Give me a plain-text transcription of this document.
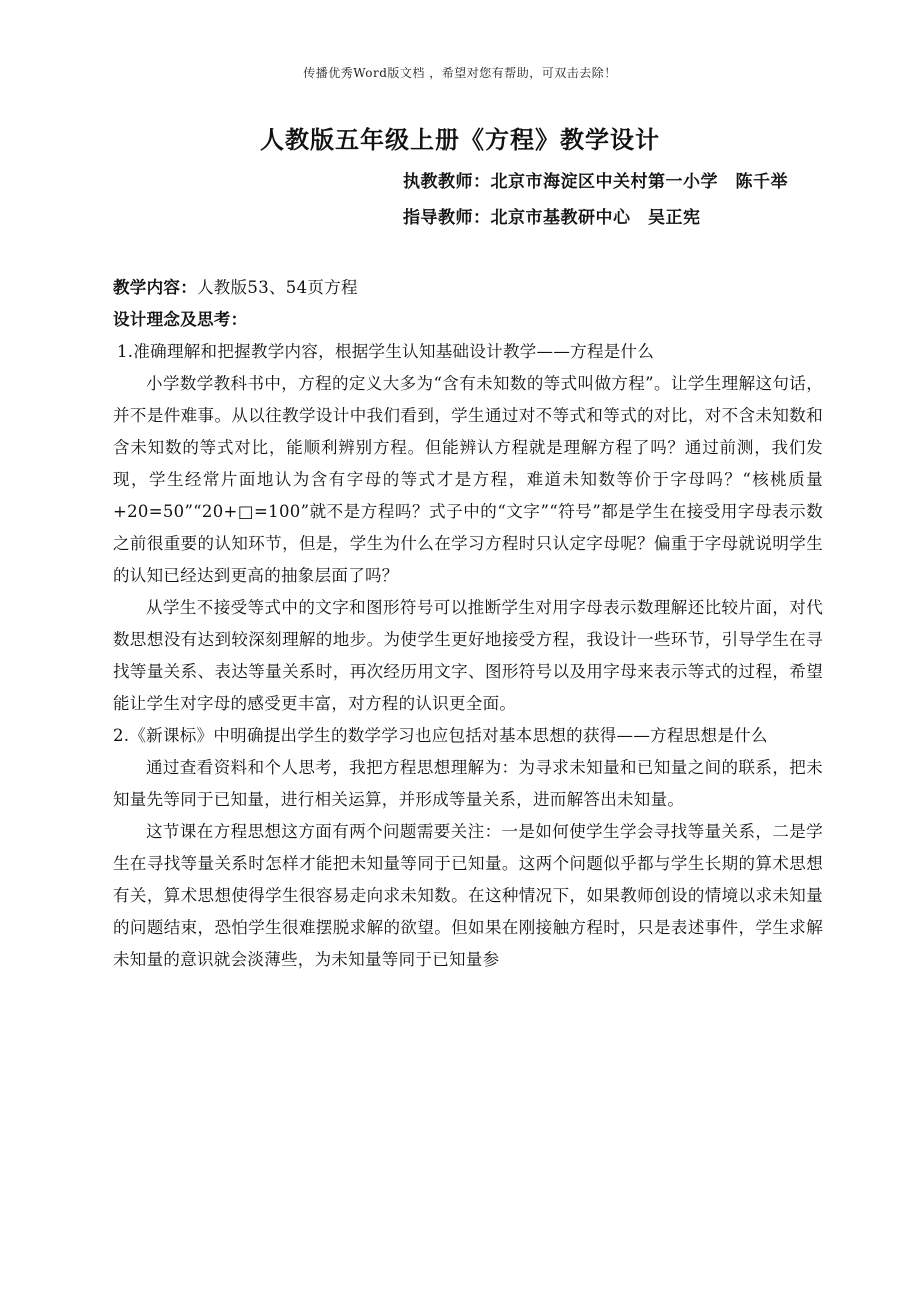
传播优秀Word版文档 ，希望对您有帮助，可双击去除！
人教版五年级上册《方程》教学设计
执教教师：北京市海淀区中关村第一小学　陈千举
指导教师：北京市基教研中心　吴正宪

教学内容：人教版53、54页方程

设计理念及思考：

1.准确理解和把握教学内容，根据学生认知基础设计教学——方程是什么

小学数学教科书中，方程的定义大多为“含有未知数的等式叫做方程”。让学生理解这句话，并不是件难事。从以往教学设计中我们看到，学生通过对不等式和等式的对比，对不含未知数和含未知数的等式对比，能顺利辨别方程。但能辨认方程就是理解方程了吗？通过前测，我们发现，学生经常片面地认为含有字母的等式才是方程，难道未知数等价于字母吗？“核桃质量+20=50”“20+□=100”就不是方程吗？式子中的“文字”“符号”都是学生在接受用字母表示数之前很重要的认知环节，但是，学生为什么在学习方程时只认定字母呢？偏重于字母就说明学生的认知已经达到更高的抽象层面了吗？

从学生不接受等式中的文字和图形符号可以推断学生对用字母表示数理解还比较片面，对代数思想没有达到较深刻理解的地步。为使学生更好地接受方程，我设计一些环节，引导学生在寻找等量关系、表达等量关系时，再次经历用文字、图形符号以及用字母来表示等式的过程，希望能让学生对字母的感受更丰富，对方程的认识更全面。

2.《新课标》中明确提出学生的数学学习也应包括对基本思想的获得——方程思想是什么

通过查看资料和个人思考，我把方程思想理解为：为寻求未知量和已知量之间的联系，把未知量先等同于已知量，进行相关运算，并形成等量关系，进而解答出未知量。

这节课在方程思想这方面有两个问题需要关注：一是如何使学生学会寻找等量关系，二是学生在寻找等量关系时怎样才能把未知量等同于已知量。这两个问题似乎都与学生长期的算术思想有关，算术思想使得学生很容易走向求未知数。在这种情况下，如果教师创设的情境以求未知量的问题结束，恐怕学生很难摆脱求解的欲望。但如果在刚接触方程时，只是表述事件，学生求解未知量的意识就会淡薄些，为未知量等同于已知量参
